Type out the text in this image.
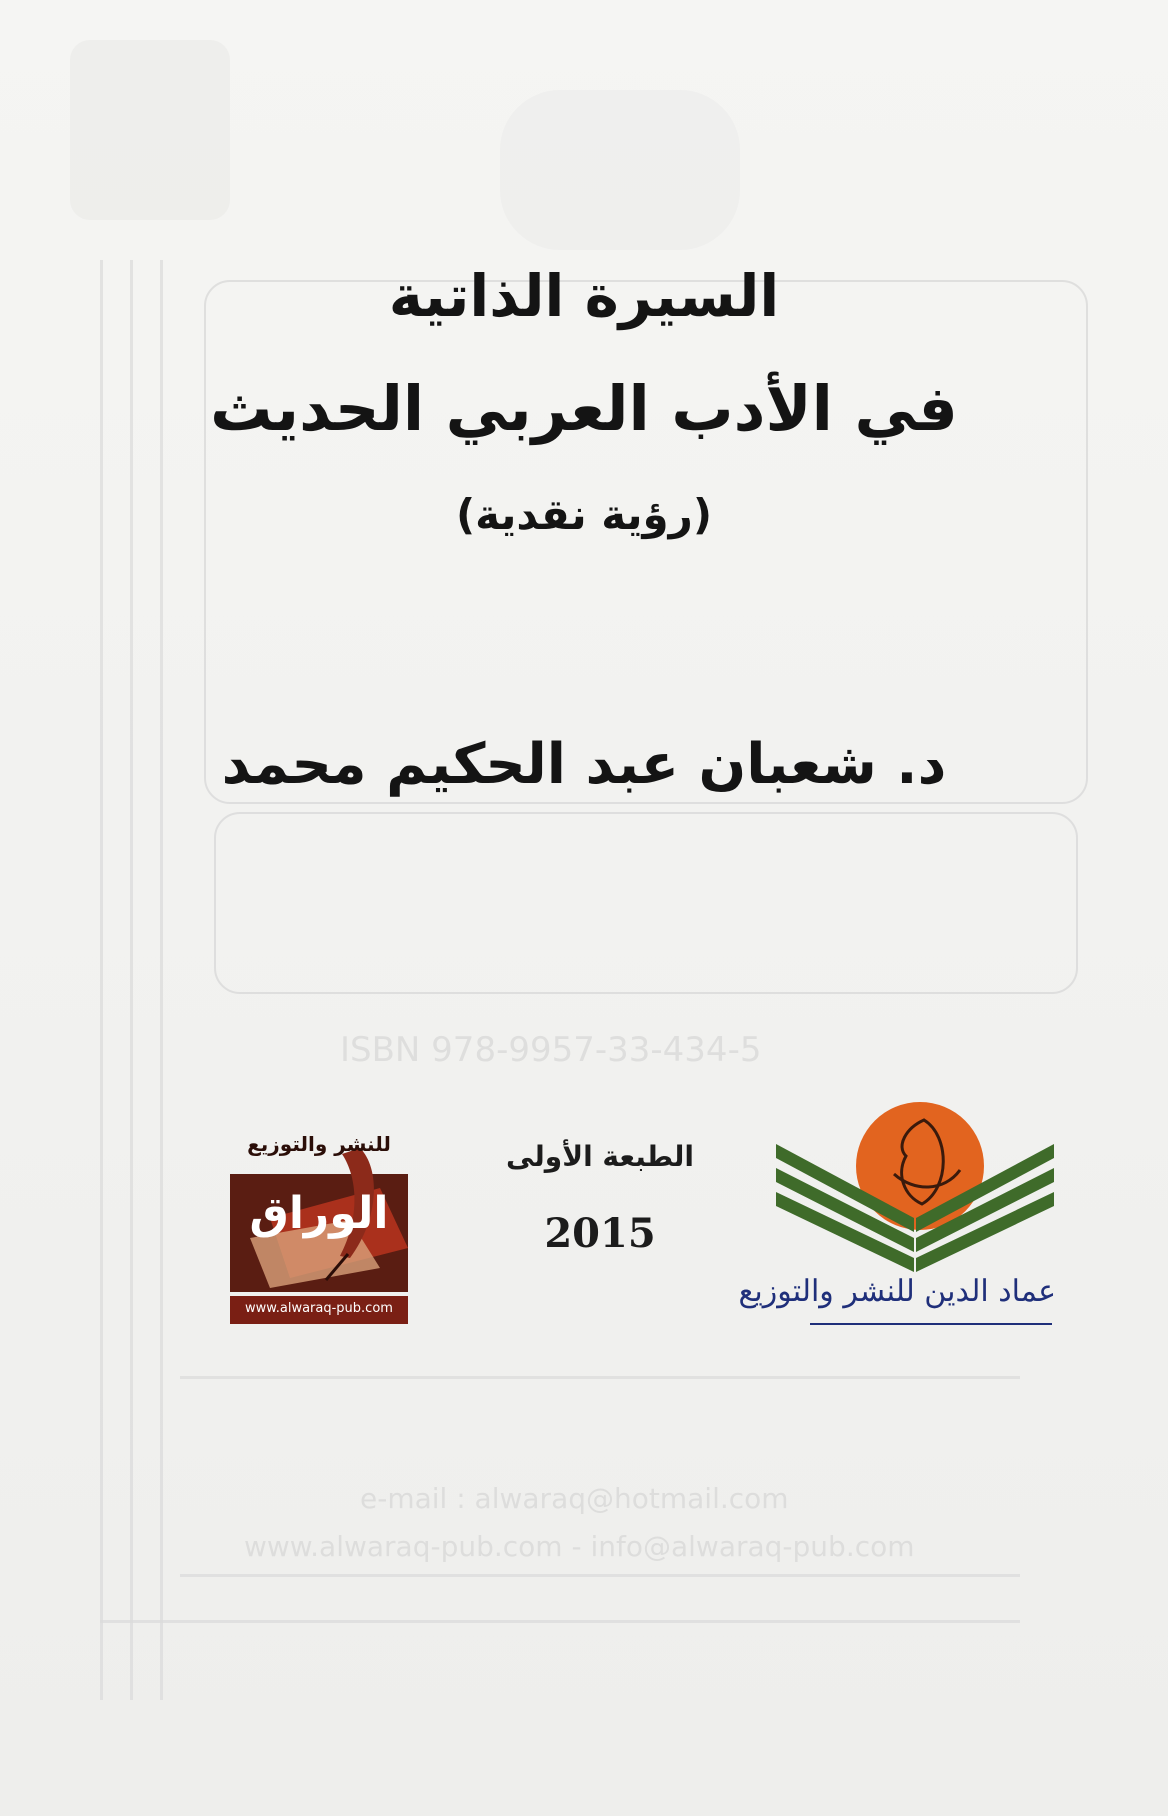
ISBN 978-9957-33-434-5
e-mail : alwaraq@hotmail.com
www.alwaraq-pub.com - info@alwaraq-pub.com
السيرة الذاتية
في الأدب العربي الحديث
(رؤية نقدية)
د. شعبان عبد الحكيم محمد
الطبعة الأولى
2015
للنشر والتوزيع
الوراق
www.alwaraq-pub.com	عماد الدين للنشر والتوزيع
